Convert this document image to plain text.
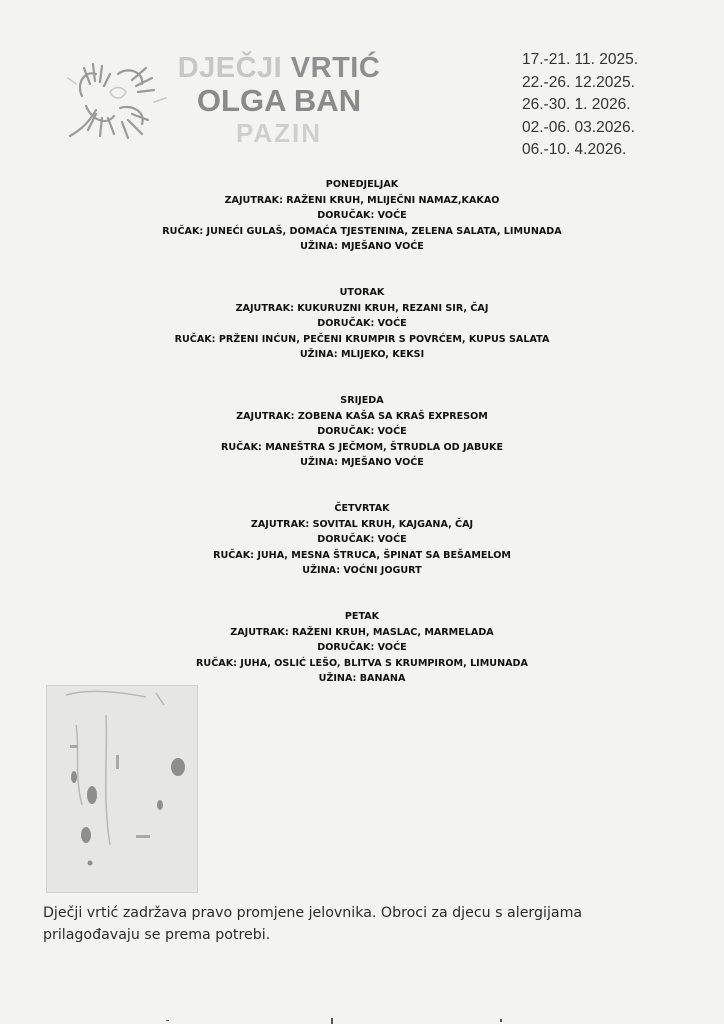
DJEČJI VRTIĆ
OLGA BAN
PAZIN
17.-21. 11. 2025.
22.-26. 12.2025.
26.-30. 1. 2026.
02.-06. 03.2026.
06.-10. 4.2026.
PONEDJELJAK
ZAJUTRAK: RAŽENI KRUH, MLIJEČNI NAMAZ,KAKAO
DORUČAK: VOĆE
RUČAK: JUNEĆI GULAŠ, DOMAĆA TJESTENINA, ZELENA SALATA, LIMUNADA
UŽINA: MJEŠANO VOĆE
UTORAK
ZAJUTRAK: KUKURUZNI KRUH, REZANI SIR, ČAJ
DORUČAK: VOĆE
RUČAK: PRŽENI INĆUN, PEČENI KRUMPIR S POVRĆEM, KUPUS SALATA
UŽINA: MLIJEKO, KEKSI
SRIJEDA
ZAJUTRAK: ZOBENA KAŠA SA KRAŠ EXPRESOM
DORUČAK: VOĆE
RUČAK: MANEŠTRA S JEČMOM, ŠTRUDLA OD JABUKE
UŽINA: MJEŠANO VOĆE
ČETVRTAK
ZAJUTRAK: SOVITAL KRUH, KAJGANA, ČAJ
DORUČAK: VOĆE
RUČAK: JUHA, MESNA ŠTRUCA, ŠPINAT SA BEŠAMELOM
UŽINA: VOĆNI JOGURT
PETAK
ZAJUTRAK: RAŽENI KRUH, MASLAC, MARMELADA
DORUČAK: VOĆE
RUČAK: JUHA, OSLIĆ LEŠO, BLITVA S KRUMPIROM, LIMUNADA
UŽINA: BANANA
Dječji vrtić zadržava pravo promjene jelovnika. Obroci za djecu s alergijama
prilagođavaju se prema potrebi.
